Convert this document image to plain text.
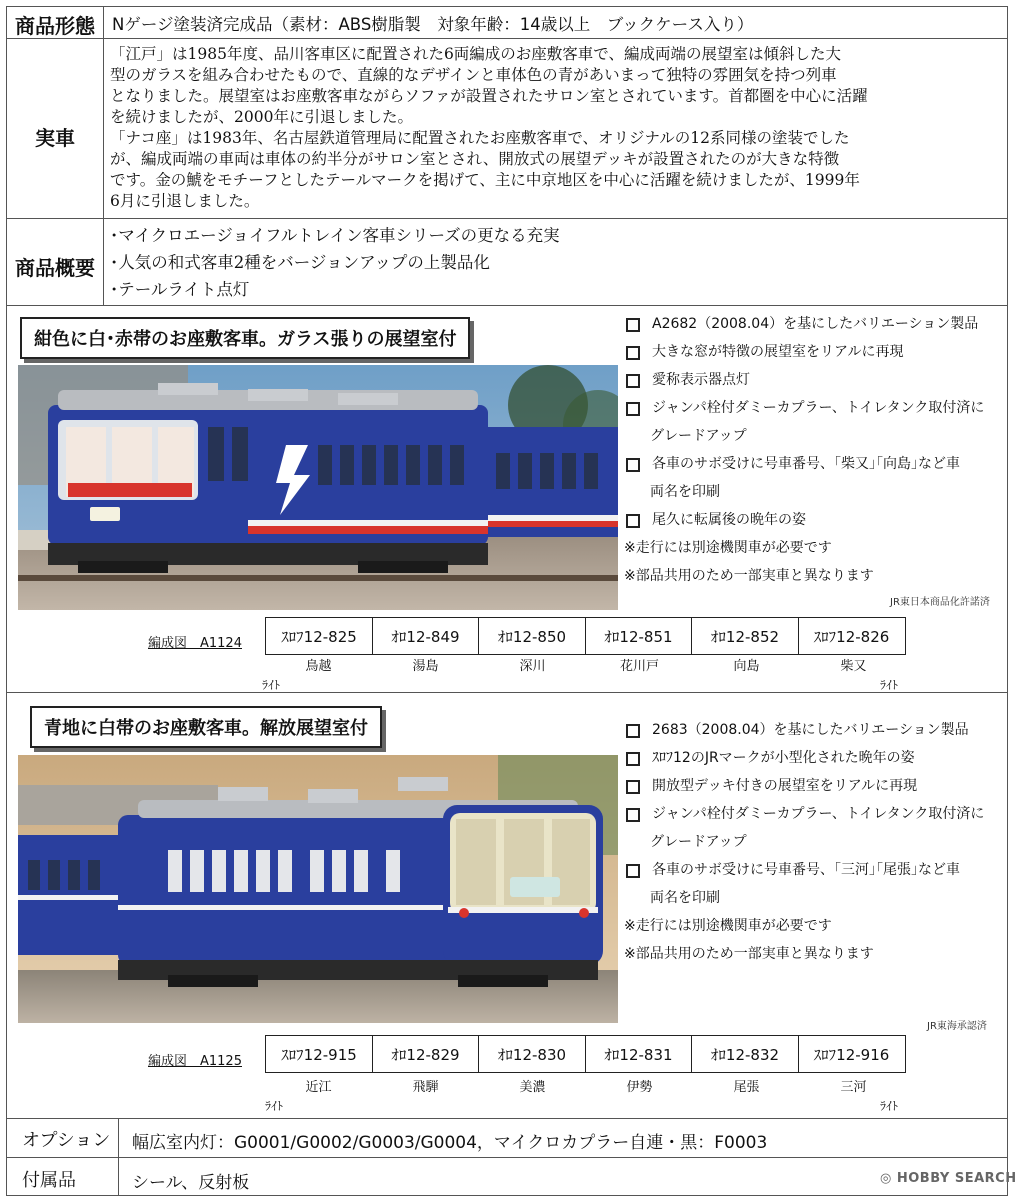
商品形態	Nゲージ塗装済完成品（素材：ABS樹脂製　対象年齢：14歳以上　ブックケース入り）
実車
「江戸」は1985年度、品川客車区に配置された6両編成のお座敷客車で、編成両端の展望室は傾斜した大
型のガラスを組み合わせたもので、直線的なデザインと車体色の青があいまって独特の雰囲気を持つ列車
となりました。展望室はお座敷客車ながらソファが設置されたサロン室とされています。首都圏を中心に活躍
を続けましたが、2000年に引退しました。
「ナコ座」は1983年、名古屋鉄道管理局に配置されたお座敷客車で、オリジナルの12系同様の塗装でした
が、編成両端の車両は車体の約半分がサロン室とされ、開放式の展望デッキが設置されたのが大きな特徴
です。金の鯱をモチーフとしたテールマークを掲げて、主に中京地区を中心に活躍を続けましたが、1999年
6月に引退しました。
商品概要
･マイクロエージョイフルトレイン客車シリーズの更なる充実
･人気の和式客車2種をバージョンアップの上製品化
･テールライト点灯
紺色に白･赤帯のお座敷客車。ガラス張りの展望室付
A2682（2008.04）を基にしたバリエーション製品
大きな窓が特徴の展望室をリアルに再現
愛称表示器点灯
ジャンパ栓付ダミーカプラー、トイレタンク取付済に
グレードアップ
各車のサボ受けに号車番号、｢柴又｣｢向島｣など車
両名を印刷
尾久に転属後の晩年の姿
※走行には別途機関車が必要です
※部品共用のため一部実車と異なります
JR東日本商品化許諾済
編成図　A1124	ｽﾛﾌ12-825	ｵﾛ12-849	ｵﾛ12-850	ｵﾛ12-851	ｵﾛ12-852	ｽﾛﾌ12-826
鳥越	湯島	深川	花川戸	向島	柴又
ﾗｲﾄ	ﾗｲﾄ
青地に白帯のお座敷客車。解放展望室付	2683（2008.04）を基にしたバリエーション製品
ｽﾛﾌ12のJRマークが小型化された晩年の姿
開放型デッキ付きの展望室をリアルに再現
ジャンパ栓付ダミーカプラー、トイレタンク取付済に
グレードアップ
各車のサボ受けに号車番号、｢三河｣｢尾張｣など車
両名を印刷
※走行には別途機関車が必要です
※部品共用のため一部実車と異なります
JR東海承認済
編成図　A1125	ｽﾛﾌ12-915	ｵﾛ12-829	ｵﾛ12-830	ｵﾛ12-831	ｵﾛ12-832	ｽﾛﾌ12-916
近江	飛騨	美濃	伊勢	尾張	三河
ﾗｲﾄ	ﾗｲﾄ
オプション 幅広室内灯：G0001/G0002/G0003/G0004，マイクロカプラー自連・黒：F0003
付属品	シール、反射板	◎ HOBBY SEARCH
